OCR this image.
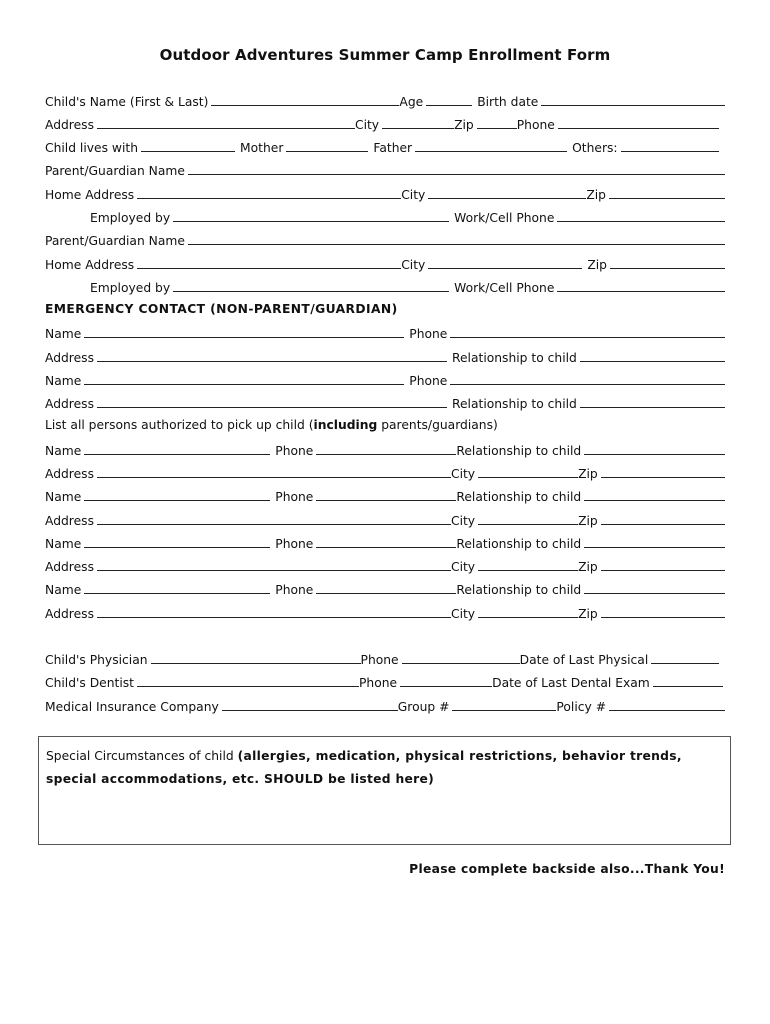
Outdoor Adventures Summer Camp Enrollment Form
Child's Name (First & Last)	Age	Birth date
Address	City	Zip	Phone
Child lives with	Mother	Father	Others:
Parent/Guardian Name
Home Address	City	Zip
Employed by	Work/Cell Phone
Parent/Guardian Name
Home Address	City	Zip
Employed by	Work/Cell Phone
EMERGENCY CONTACT (NON-PARENT/GUARDIAN)
Name	Phone
Address	Relationship to child
Name	Phone
Address	Relationship to child
List all persons authorized to pick up child (including parents/guardians)
Name	Phone	Relationship to child
Address	City	Zip
Name	Phone	Relationship to child
Address	City	Zip
Name	Phone	Relationship to child
Address	City	Zip
Name	Phone	Relationship to child
Address	City	Zip
Child's Physician	Phone	Date of Last Physical
Child's Dentist	Phone	Date of Last Dental Exam
Medical Insurance Company	Group #	Policy #
Special Circumstances of child (allergies, medication, physical restrictions, behavior trends, special accommodations, etc. SHOULD be listed here)
Please complete backside also...Thank You!
